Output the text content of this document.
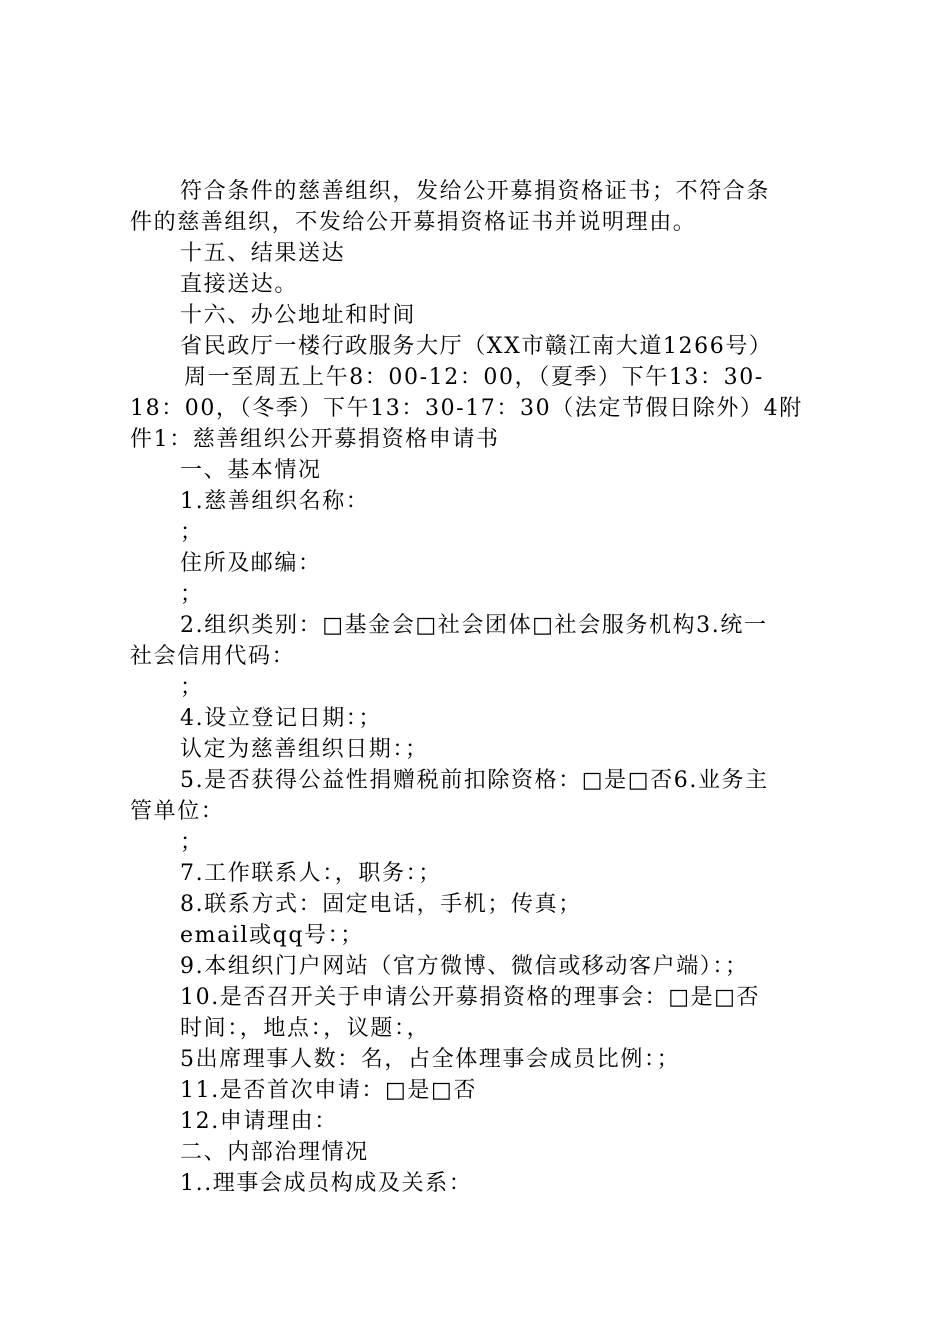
符合条件的慈善组织，发给公开募捐资格证书；不符合条
件的慈善组织，不发给公开募捐资格证书并说明理由。
十五、结果送达
直接送达。
十六、办公地址和时间
省民政厅一楼行政服务大厅（XX市赣江南大道1266号）
周一至周五上午8：00-12：00，（夏季）下午13：30-
18：00，（冬季）下午13：30-17：30（法定节假日除外）4附
件1：慈善组织公开募捐资格申请书
一、基本情况
1.慈善组织名称：
；
住所及邮编：
；
2.组织类别：□基金会□社会团体□社会服务机构3.统一
社会信用代码：
；
4.设立登记日期：；
认定为慈善组织日期：；
5.是否获得公益性捐赠税前扣除资格：□是□否6.业务主
管单位：
；
7.工作联系人：，职务：；
8.联系方式：固定电话，手机；传真；
email或qq号：；
9.本组织门户网站（官方微博、微信或移动客户端）：；
10.是否召开关于申请公开募捐资格的理事会：□是□否
时间：，地点：，议题：，
5出席理事人数：名，占全体理事会成员比例：；
11.是否首次申请：□是□否
12.申请理由：
二、内部治理情况
1..理事会成员构成及关系：
